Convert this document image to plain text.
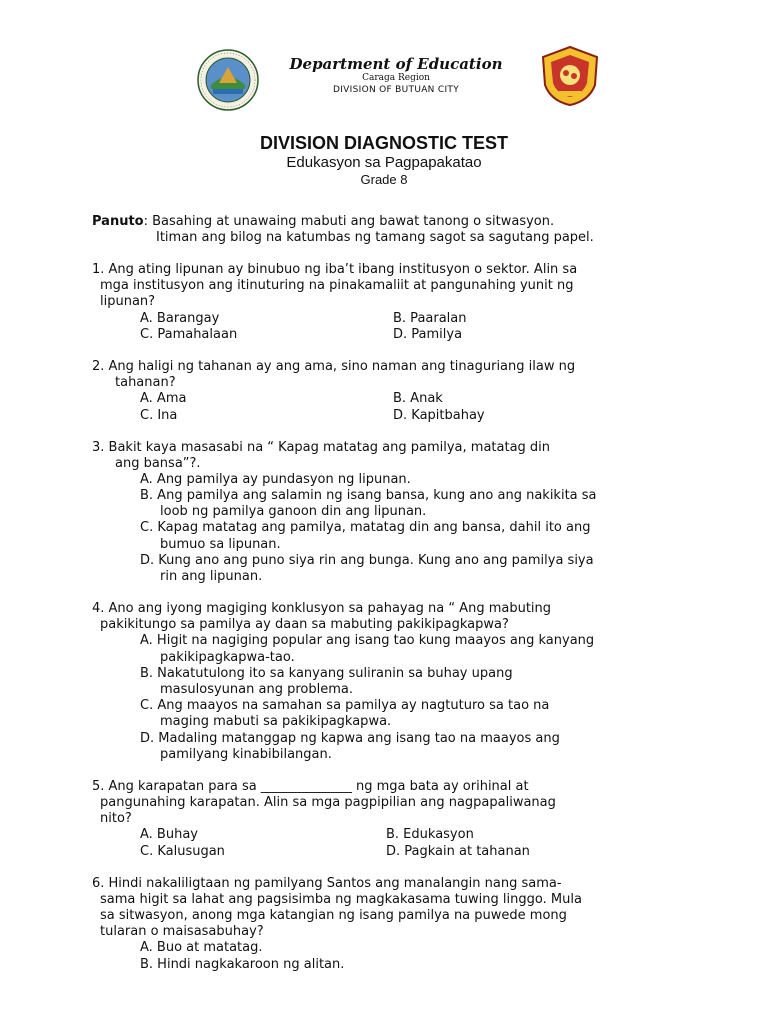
Department of Education
Caraga Region
DIVISION OF BUTUAN CITY
DIVISION DIAGNOSTIC TEST
Edukasyon sa Pagpapakatao
Grade 8
Panuto: Basahing at unawaing mabuti ang bawat tanong o sitwasyon.
Itiman ang bilog na katumbas ng tamang sagot sa sagutang papel.
1. Ang ating lipunan ay binubuo ng iba’t ibang institusyon o sektor. Alin sa
mga institusyon ang itinuturing na pinakamaliit at pangunahing yunit ng
lipunan?
A. Barangay	B. Paaralan
C. Pamahalaan	D. Pamilya
2. Ang haligi ng tahanan ay ang ama, sino naman ang tinaguriang ilaw ng
tahanan?
A. Ama	B. Anak
C. Ina	D. Kapitbahay
3. Bakit kaya masasabi na “ Kapag matatag ang pamilya, matatag din
ang bansa”?.
A. Ang pamilya ay pundasyon ng lipunan.
B. Ang pamilya ang salamin ng isang bansa, kung ano ang nakikita sa
loob ng pamilya ganoon din ang lipunan.
C. Kapag matatag ang pamilya, matatag din ang bansa, dahil ito ang
bumuo sa lipunan.
D. Kung ano ang puno siya rin ang bunga. Kung ano ang pamilya siya
rin ang lipunan.
4. Ano ang iyong magiging konklusyon sa pahayag na “ Ang mabuting
pakikitungo sa pamilya ay daan sa mabuting pakikipagkapwa?
A. Higit na nagiging popular ang isang tao kung maayos ang kanyang
pakikipagkapwa-tao.
B. Nakatutulong ito sa kanyang suliranin sa buhay upang
masulosyunan ang problema.
C. Ang maayos na samahan sa pamilya ay nagtuturo sa tao na
maging mabuti sa pakikipagkapwa.
D. Madaling matanggap ng kapwa ang isang tao na maayos ang
pamilyang kinabibilangan.
5. Ang karapatan para sa ______________ ng mga bata ay orihinal at
pangunahing karapatan. Alin sa mga pagpipilian ang nagpapaliwanag
nito?
A. Buhay	B. Edukasyon
C. Kalusugan	D. Pagkain at tahanan
6. Hindi nakaliligtaan ng pamilyang Santos ang manalangin nang sama-
sama higit sa lahat ang pagsisimba ng magkakasama tuwing linggo. Mula
sa sitwasyon, anong mga katangian ng isang pamilya na puwede mong
tularan o maisasabuhay?
A. Buo at matatag.
B. Hindi nagkakaroon ng alitan.
